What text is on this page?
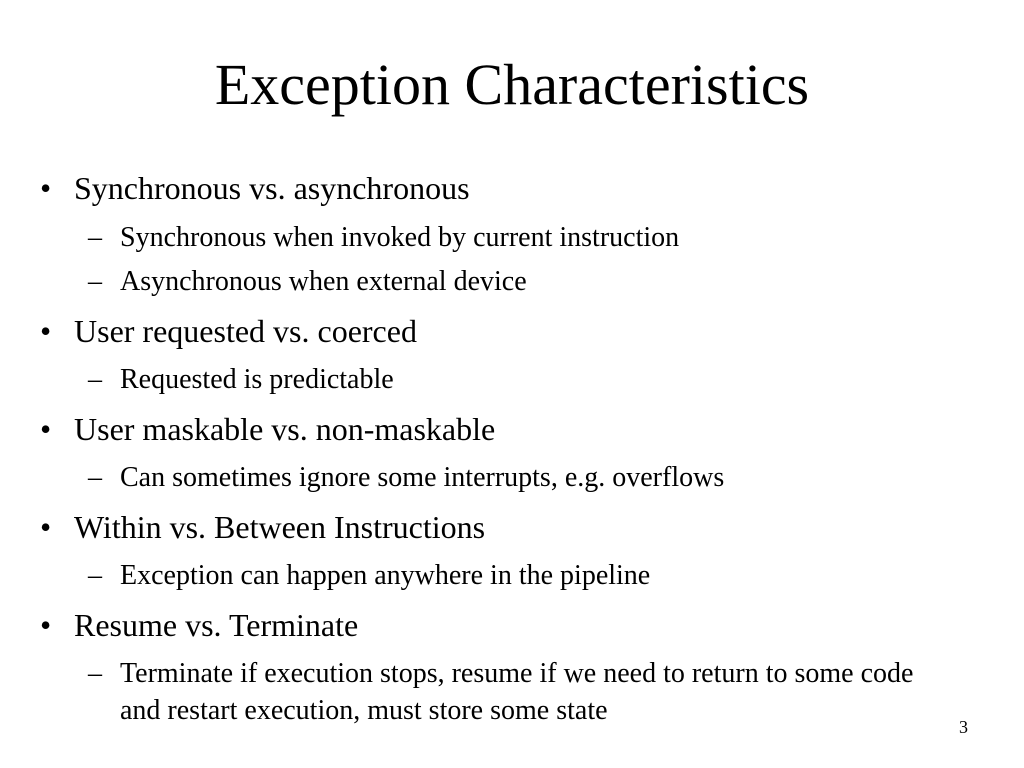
Exception Characteristics
• Synchronous vs. asynchronous
– Synchronous when invoked by current instruction
– Asynchronous when external device
• User requested vs. coerced
– Requested is predictable
• User maskable vs. non-maskable
– Can sometimes ignore some interrupts, e.g. overflows
• Within vs. Between Instructions
– Exception can happen anywhere in the pipeline
• Resume vs. Terminate
– Terminate if execution stops, resume if we need to return to some code and restart execution, must store some state
3
